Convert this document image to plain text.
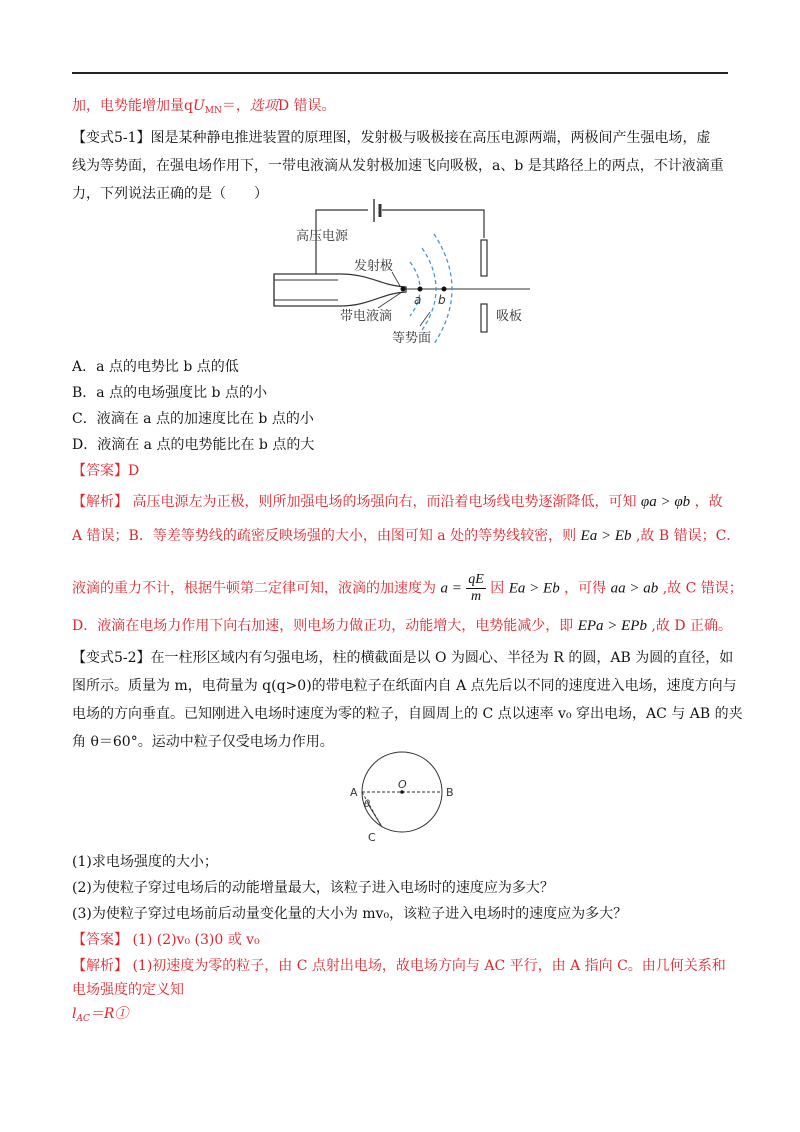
加，电势能增加量$qU_{MN}=$，选项D 错误。
【变式5-1】图是某种静电推进装置的原理图，发射极与吸极接在高压电源两端，两极间产生强电场，虚
线为等势面，在强电场作用下，一带电液滴从发射极加速飞向吸极，a、b 是其路径上的两点，不计液滴重
力，下列说法正确的是（　　）
高压电源
a b
发射极
带电液滴
等势面
吸板
A．a 点的电势比 b 点的低
B．a 点的电场强度比 b 点的小
C．液滴在 a 点的加速度比在 b 点的小
D．液滴在 a 点的电势能比在 b 点的大
【答案】D
【解析】 高压电源左为正极，则所加强电场的场强向右，而沿着电场线电势逐渐降低，可知 φa > φb ，故
A 错误；B．等差等势线的疏密反映场强的大小，由图可知 a 处的等势线较密，则 Ea > Eb ,故 B 错误；C．
液滴的重力不计，根据牛顿第二定律可知，液滴的加速度为 $a = \frac{qE}{m}$ 因 Ea > Eb ，可得 aa > ab ,故 C 错误；
D．液滴在电场力作用下向右加速，则电场力做正功，动能增大，电势能减少，即 EPa > EPb ,故 D 正确。
【变式5-2】在一柱形区域内有匀强电场，柱的横截面是以 O 为圆心、半径为 R 的圆，AB 为圆的直径，如
图所示。质量为 m，电荷量为 q(q>0)的带电粒子在纸面内自 A 点先后以不同的速度进入电场，速度方向与
电场的方向垂直。已知刚进入电场时速度为零的粒子，自圆周上的 C 点以速率 v₀ 穿出电场，AC 与 AB 的夹
角 θ＝60°。运动中粒子仅受电场力作用。
A	B
O
C
θ
(1)求电场强度的大小；
(2)为使粒子穿过电场后的动能增量最大，该粒子进入电场时的速度应为多大？
(3)为使粒子穿过电场前后动量变化量的大小为 mv₀，该粒子进入电场时的速度应为多大？
【答案】 (1) (2)v₀ (3)0 或 v₀
【解析】 (1)初速度为零的粒子，由 C 点射出电场，故电场方向与 AC 平行，由 A 指向 C。由几何关系和
电场强度的定义知
$l_{AC}=R①$
